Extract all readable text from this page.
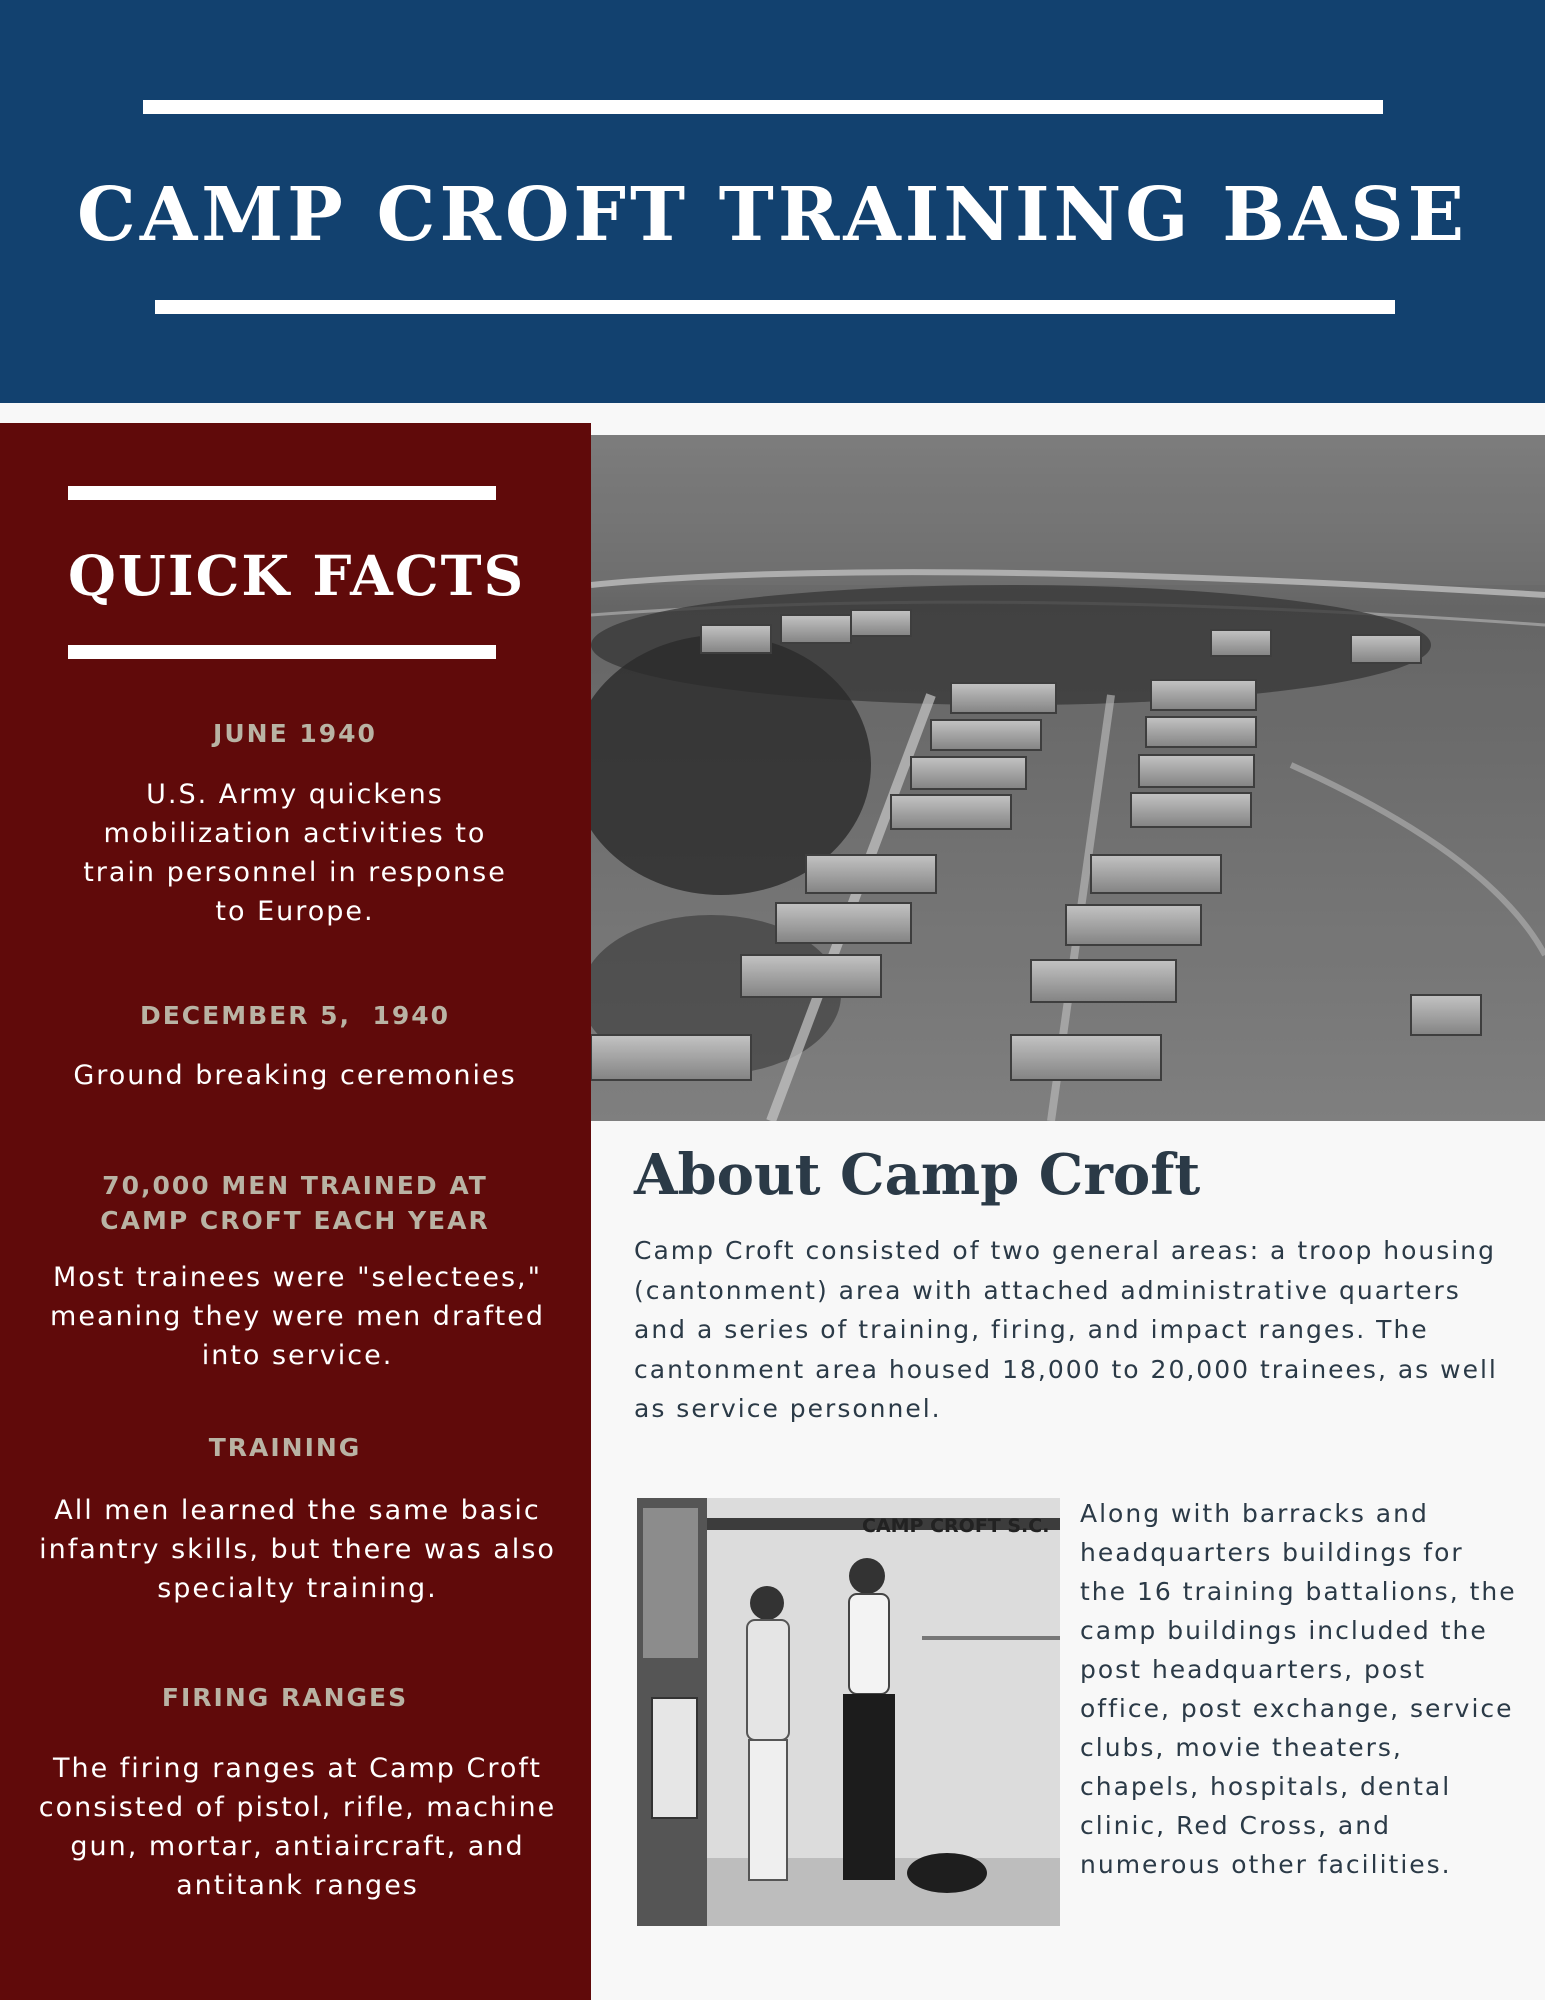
CAMP CROFT TRAINING BASE
QUICK FACTS
JUNE 1940
U.S. Army quickens mobilization activities to train personnel in response to Europe.
DECEMBER 5,  1940
Ground breaking ceremonies
70,000 MEN TRAINED AT CAMP CROFT EACH YEAR
Most trainees were "selectees," meaning they were men drafted into service.
TRAINING
All men learned the same basic infantry skills, but there was also specialty training.
FIRING RANGES
The firing ranges at Camp Croft consisted of pistol, rifle, machine gun, mortar, antiaircraft, and antitank ranges
About Camp Croft

Camp Croft consisted of two general areas: a troop housing (cantonment) area with attached administrative quarters and a series of training, firing, and impact ranges. The cantonment area housed 18,000 to 20,000 trainees, as well as service personnel.

CAMP CROFT S.C. Along with barracks and headquarters buildings for the 16 training battalions, the camp buildings included the post headquarters, post office, post exchange, service clubs, movie theaters, chapels, hospitals, dental clinic, Red Cross, and numerous other facilities.
